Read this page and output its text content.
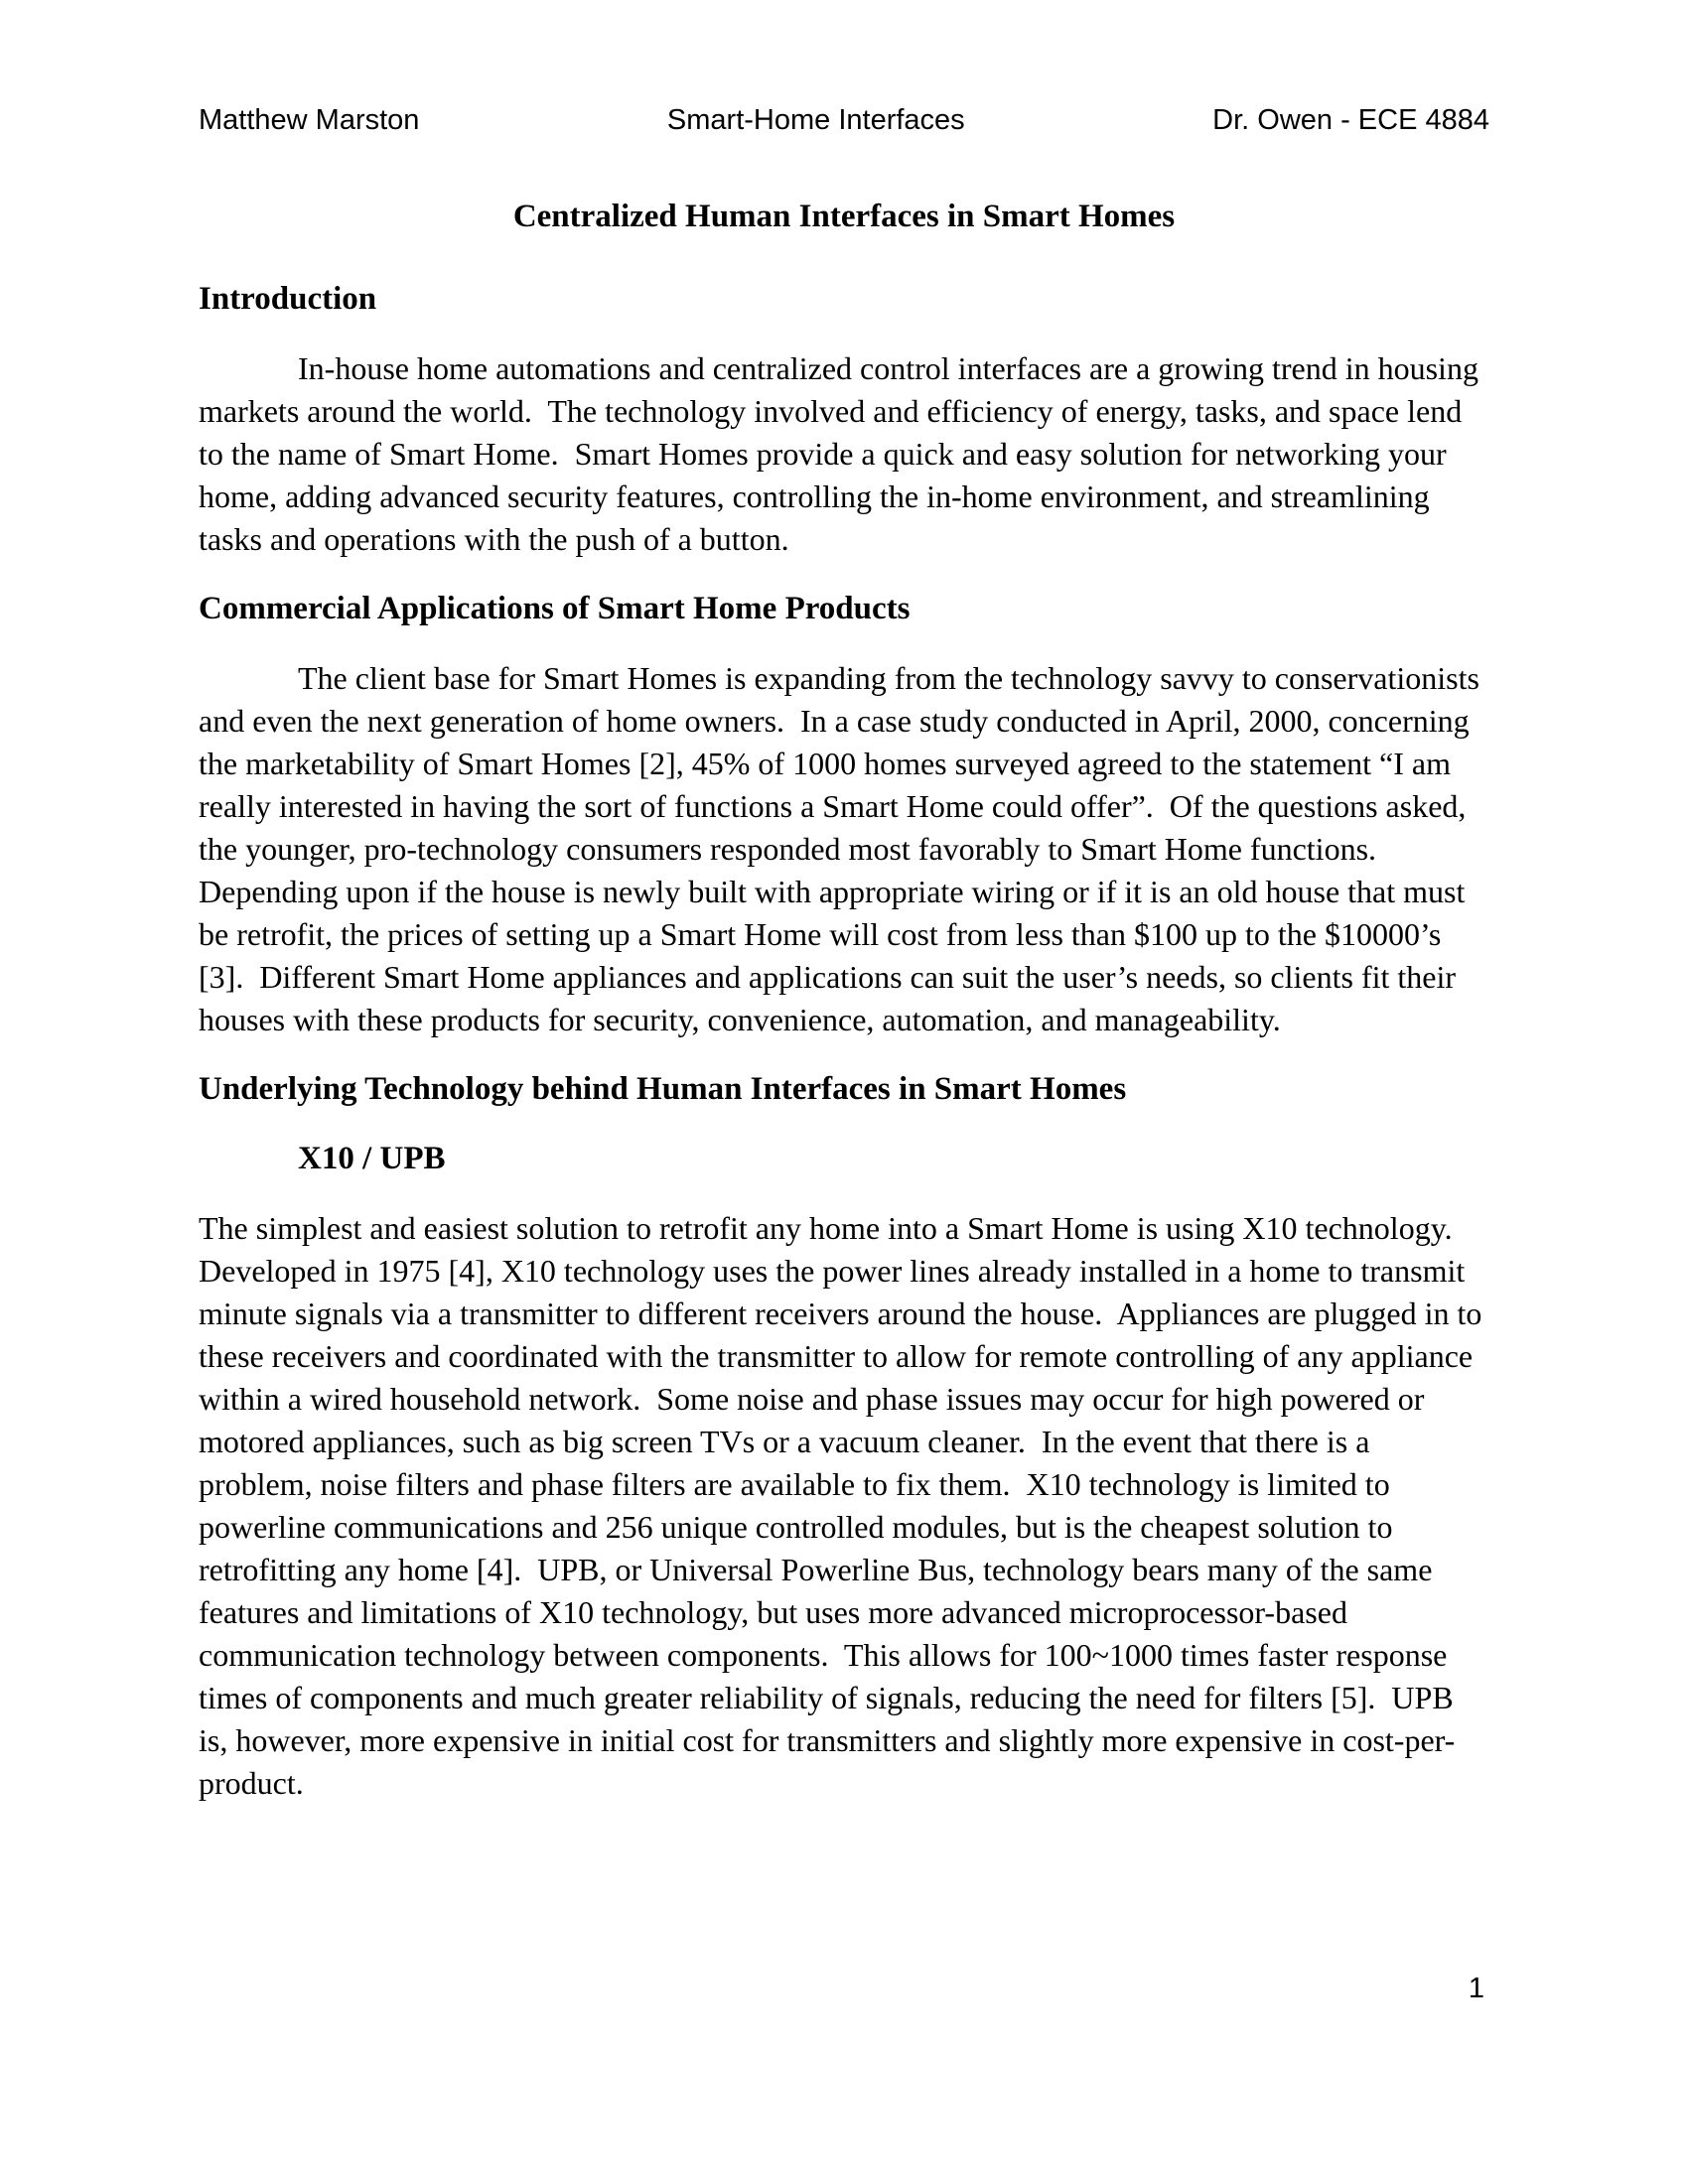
Matthew Marston	Smart-Home Interfaces	Dr. Owen - ECE 4884
Centralized Human Interfaces in Smart Homes
Introduction

In-house home automations and centralized control interfaces are a growing trend in housing markets around the world.  The technology involved and efficiency of energy, tasks, and space lend to the name of Smart Home.  Smart Homes provide a quick and easy solution for networking your home, adding advanced security features, controlling the in-home environment, and streamlining tasks and operations with the push of a button.

Commercial Applications of Smart Home Products

The client base for Smart Homes is expanding from the technology savvy to conservationists and even the next generation of home owners.  In a case study conducted in April, 2000, concerning the marketability of Smart Homes [2], 45% of 1000 homes surveyed agreed to the statement “I am really interested in having the sort of functions a Smart Home could offer”.  Of the questions asked, the younger, pro-technology consumers responded most favorably to Smart Home functions.  Depending upon if the house is newly built with appropriate wiring or if it is an old house that must be retrofit, the prices of setting up a Smart Home will cost from less than $100 up to the $10000’s [3].  Different Smart Home appliances and applications can suit the user’s needs, so clients fit their houses with these products for security, convenience, automation, and manageability.

Underlying Technology behind Human Interfaces in Smart Homes
X10 / UPB

The simplest and easiest solution to retrofit any home into a Smart Home is using X10 technology.  Developed in 1975 [4], X10 technology uses the power lines already installed in a home to transmit minute signals via a transmitter to different receivers around the house.  Appliances are plugged in to these receivers and coordinated with the transmitter to allow for remote controlling of any appliance within a wired household network.  Some noise and phase issues may occur for high powered or motored appliances, such as big screen TVs or a vacuum cleaner.  In the event that there is a problem, noise filters and phase filters are available to fix them.  X10 technology is limited to powerline communications and 256 unique controlled modules, but is the cheapest solution to retrofitting any home [4].  UPB, or Universal Powerline Bus, technology bears many of the same features and limitations of X10 technology, but uses more advanced microprocessor-based communication technology between components.  This allows for 100~1000 times faster response times of components and much greater reliability of signals, reducing the need for filters [5].  UPB is, however, more expensive in initial cost for transmitters and slightly more expensive in cost-per-product.

1
